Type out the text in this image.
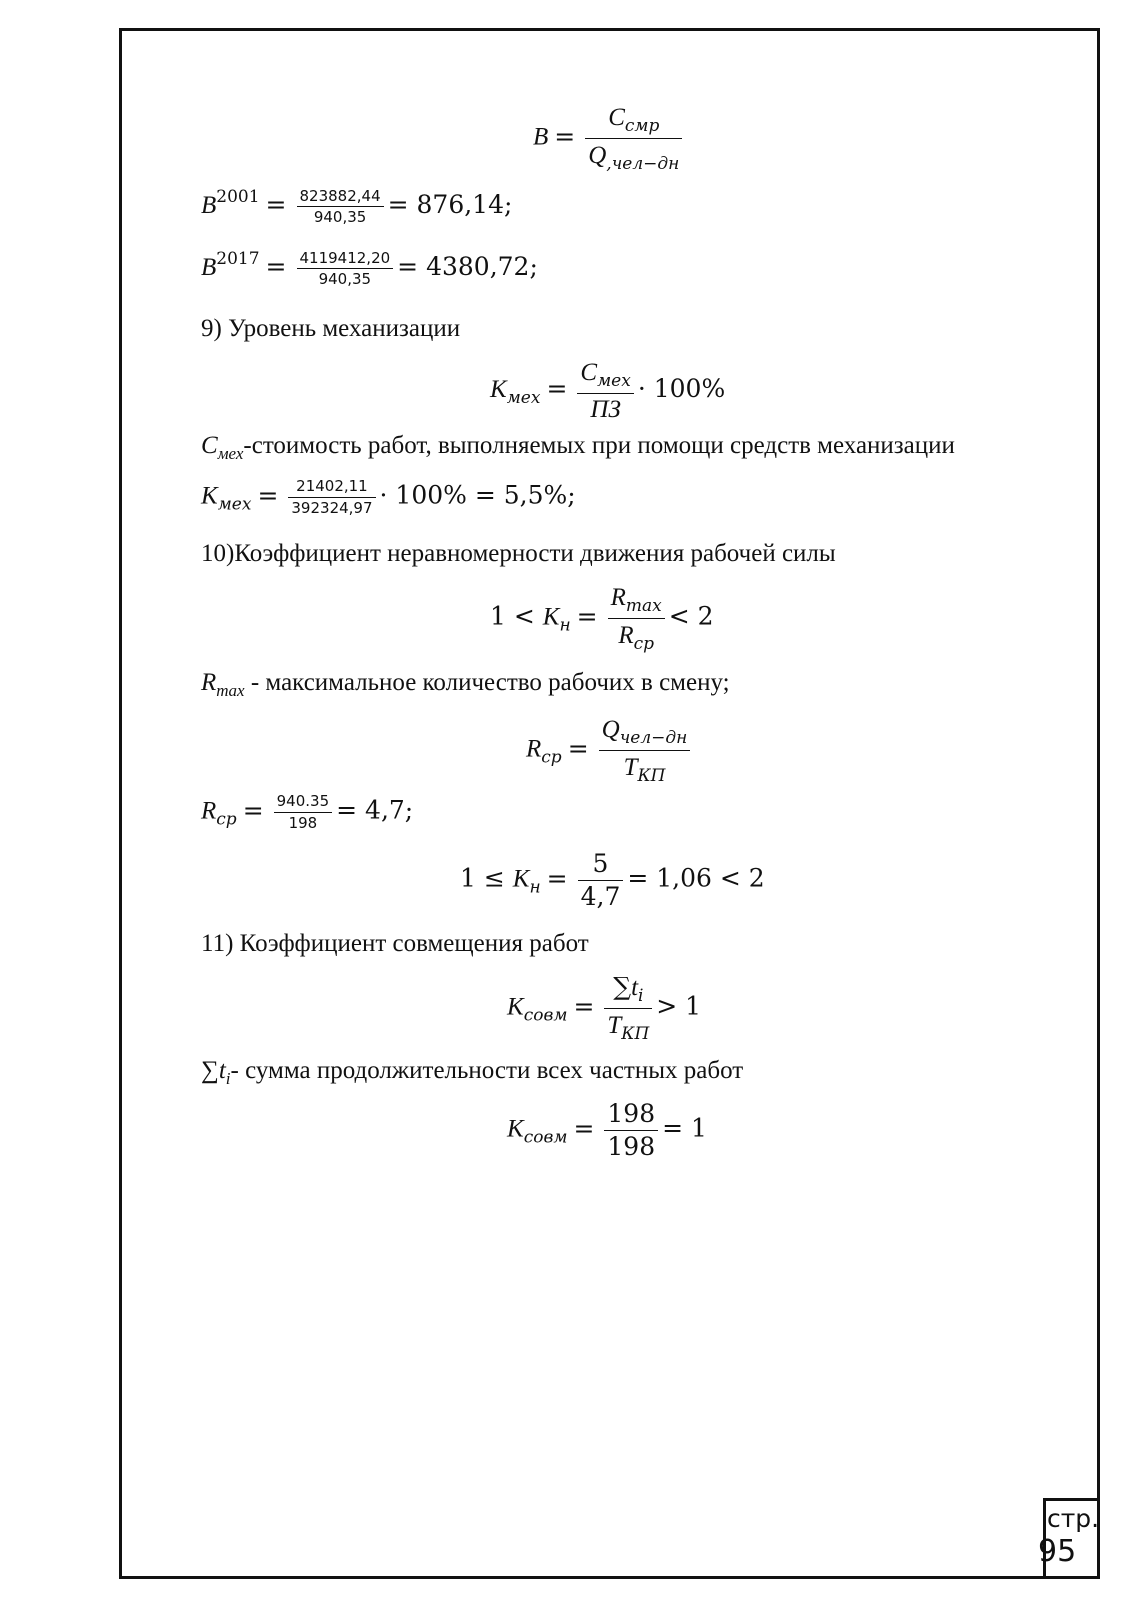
$B = \frac{C_{смр}}{Q_{,чел-дн}}$
$B^{2001} = \frac{823882,44}{940,35} = 876,14$;
$B^{2017} = \frac{4119412,20}{940,35} = 4380,72$;
9) Уровень механизации
$K_{мех} = \frac{C_{мех}}{ПЗ} \cdot 100\%$
$C_{мех}$-стоимость работ, выполняемых при помощи средств механизации
$K_{мех} = \frac{21402,11}{392324,97} \cdot 100\% = 5,5\%$;
10)Коэффициент неравномерности движения рабочей силы
$1 < K_н = \frac{R_{max}}{R_{ср}} < 2$
$R_{max}$ - максимальное количество рабочих в смену;
$R_{ср} = \frac{Q_{чел-дн}}{T_{КП}}$
$R_{ср} = \frac{940.35}{198} = 4,7$;
$1 \le K_н = \frac{5}{4,7} = 1,06 < 2$
11) Коэффициент совмещения работ
$K_{совм} = \frac{\sum t_i}{T_{КП}} > 1$
$\sum t_i-$ сумма продолжительности всех частных работ
$K_{совм} = \frac{198}{198} = 1$
стр.
95
